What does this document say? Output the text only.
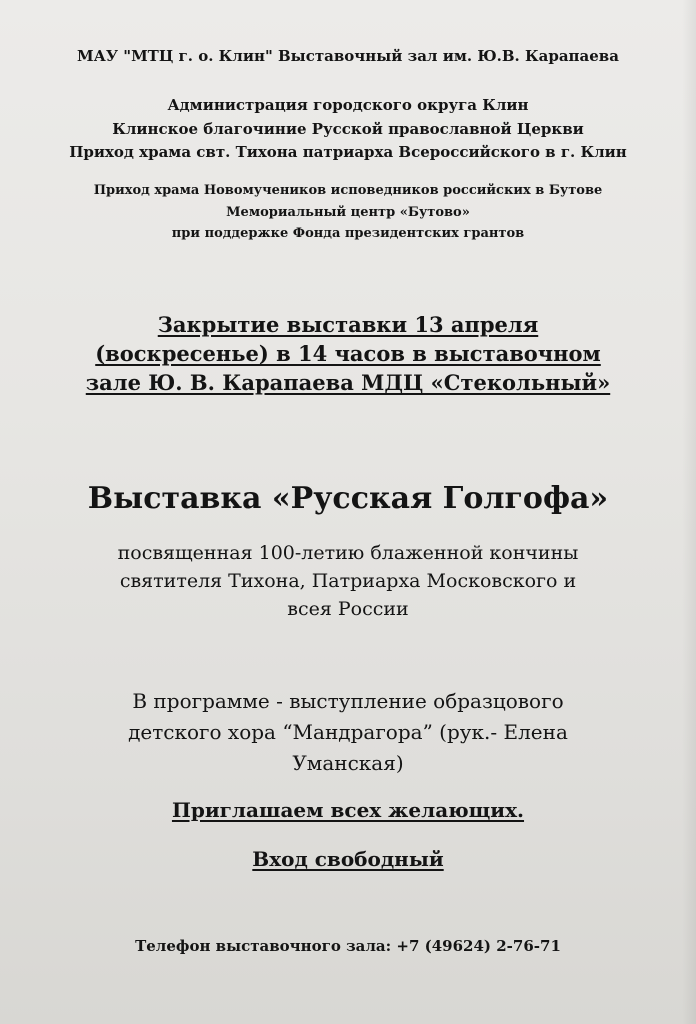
МАУ "МТЦ г. о. Клин" Выставочный зал им. Ю.В. Карапаева
Администрация городского округа Клин
Клинское благочиние Русской православной Церкви
Приход храма свт. Тихона патриарха Всероссийского в г. Клин
Приход храма Новомучеников исповедников российских в Бутове
Мемориальный центр «Бутово»
при поддержке Фонда президентских грантов
Закрытие выставки 13 апреля
(воскресенье) в 14 часов в выставочном
зале Ю. В. Карапаева МДЦ «Стекольный»
Выставка «Русская Голгофа»
посвященная 100-летию блаженной кончины
святителя Тихона, Патриарха Московского и
всея России
В программе - выступление образцового
детского хора “Мандрагора” (рук.- Елена
Уманская)
Приглашаем всех желающих.
Вход свободный
Телефон выставочного зала: +7 (49624) 2-76-71
